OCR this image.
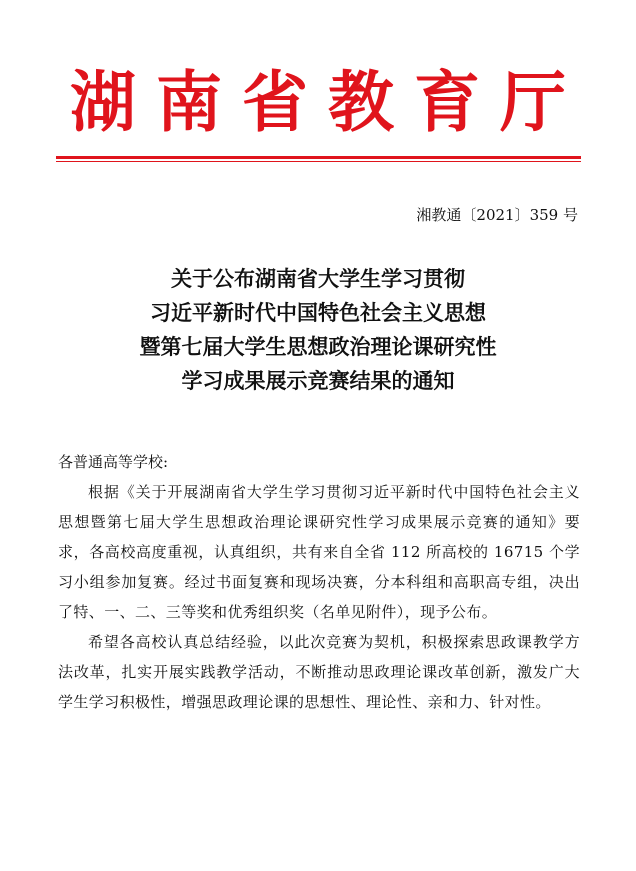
湖南省教育厅
湘教通〔2021〕359 号
关于公布湖南省大学生学习贯彻
习近平新时代中国特色社会主义思想
暨第七届大学生思想政治理论课研究性
学习成果展示竞赛结果的通知
各普通高等学校:

根据《关于开展湖南省大学生学习贯彻习近平新时代中国特色社会主义思想暨第七届大学生思想政治理论课研究性学习成果展示竞赛的通知》要求，各高校高度重视，认真组织，共有来自全省 112 所高校的 16715 个学习小组参加复赛。经过书面复赛和现场决赛，分本科组和高职高专组，决出了特、一、二、三等奖和优秀组织奖（名单见附件），现予公布。

希望各高校认真总结经验，以此次竞赛为契机，积极探索思政课教学方法改革，扎实开展实践教学活动，不断推动思政理论课改革创新，激发广大学生学习积极性，增强思政理论课的思想性、理论性、亲和力、针对性。
